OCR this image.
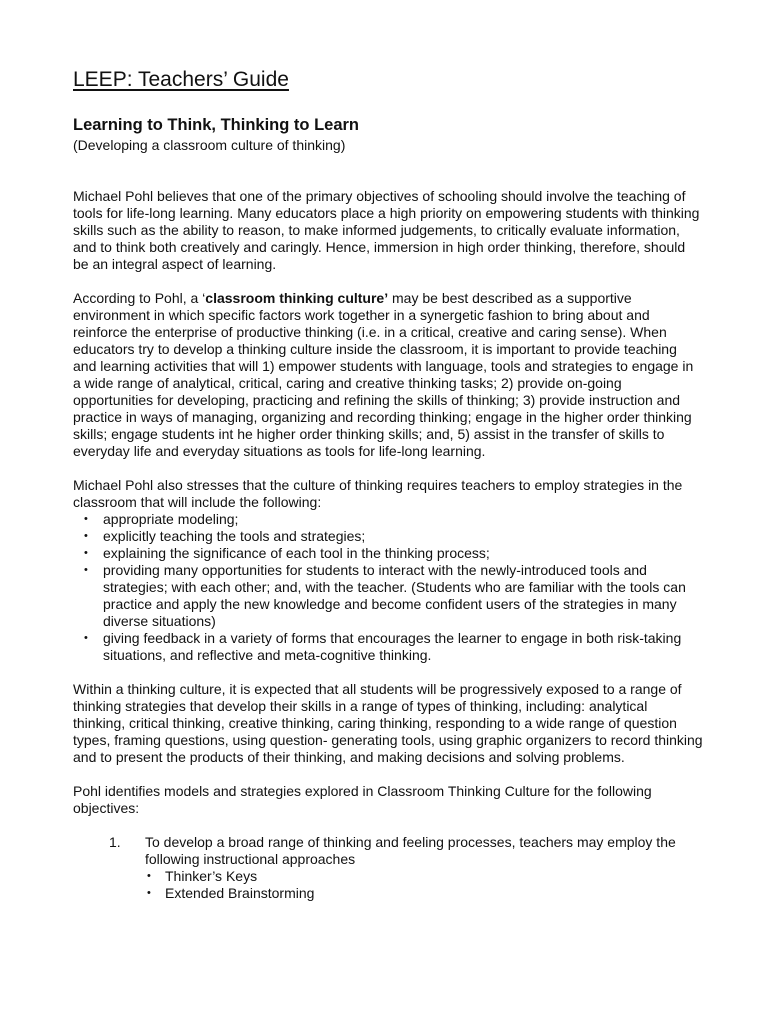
LEEP: Teachers’ Guide
Learning to Think, Thinking to Learn

(Developing a classroom culture of thinking)

Michael Pohl believes that one of the primary objectives of schooling should involve the teaching of tools for life-long learning. Many educators place a high priority on empowering students with thinking skills such as the ability to reason, to make informed judgements, to critically evaluate information, and to think both creatively and caringly. Hence, immersion in high order thinking, therefore, should be an integral aspect of learning.

According to Pohl, a ‘classroom thinking culture’ may be best described as a supportive environment in which specific factors work together in a synergetic fashion to bring about and reinforce the enterprise of productive thinking (i.e. in a critical, creative and caring sense). When educators try to develop a thinking culture inside the classroom, it is important to provide teaching and learning activities that will 1) empower students with language, tools and strategies to engage in a wide range of analytical, critical, caring and creative thinking tasks; 2) provide on-going opportunities for developing, practicing and refining the skills of thinking; 3) provide instruction and practice in ways of managing, organizing and recording thinking; engage in the higher order thinking skills; engage students int he higher order thinking skills; and, 5) assist in the transfer of skills to everyday life and everyday situations as tools for life-long learning.

Michael Pohl also stresses that the culture of thinking requires teachers to employ strategies in the classroom that will include the following:

• appropriate modeling;
• explicitly teaching the tools and strategies;
• explaining the significance of each tool in the thinking process;
• providing many opportunities for students to interact with the newly-introduced tools and strategies; with each other; and, with the teacher. (Students who are familiar with the tools can practice and apply the new knowledge and become confident users of the strategies in many diverse situations)
• giving feedback in a variety of forms that encourages the learner to engage in both risk-taking situations, and reflective and meta-cognitive thinking.

Within a thinking culture, it is expected that all students will be progressively exposed to a range of thinking strategies that develop their skills in a range of types of thinking, including: analytical thinking, critical thinking, creative thinking, caring thinking, responding to a wide range of question types, framing questions, using question- generating tools, using graphic organizers to record thinking and to present the products of their thinking, and making decisions and solving problems.

Pohl identifies models and strategies explored in Classroom Thinking Culture for the following objectives:

1. To develop a broad range of thinking and feeling processes, teachers may employ the following instructional approaches
• Thinker’s Keys
• Extended Brainstorming
